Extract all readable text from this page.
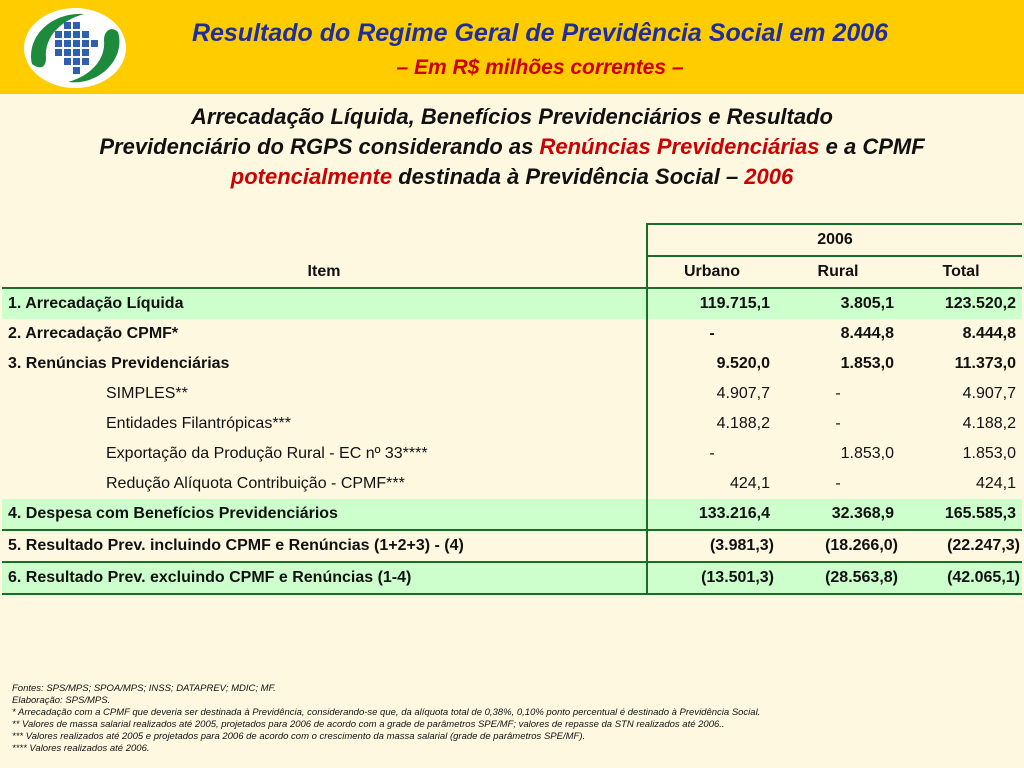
Resultado do Regime Geral de Previdência Social em 2006
– Em R$ milhões correntes –
Arrecadação Líquida, Benefícios Previdenciários e Resultado
Previdenciário do RGPS considerando as Renúncias Previdenciárias e a CPMF
potencialmente destinada à Previdência Social – 2006
	2006		
Item	Urbano	Rural	Total
1. Arrecadação Líquida	119.715,1	3.805,1	123.520,2
2. Arrecadação CPMF*	-	8.444,8	8.444,8
3. Renúncias Previdenciárias	9.520,0	1.853,0	11.373,0
SIMPLES**	4.907,7	-	4.907,7
Entidades Filantrópicas***	4.188,2	-	4.188,2
Exportação da Produção Rural - EC nº 33****	-	1.853,0	1.853,0
Redução Alíquota Contribuição - CPMF***	424,1	-	424,1
4. Despesa com Benefícios Previdenciários	133.216,4	32.368,9	165.585,3
5. Resultado Prev. incluindo CPMF e Renúncias (1+2+3) - (4)	(3.981,3)	(18.266,0)	(22.247,3)
6. Resultado Prev. excluindo CPMF e Renúncias (1-4)	(13.501,3)	(28.563,8)	(42.065,1)
Fontes: SPS/MPS; SPOA/MPS; INSS; DATAPREV; MDIC; MF.
Elaboração: SPS/MPS.
* Arrecadação com a CPMF que deveria ser destinada à Previdência, considerando-se que, da alíquota total de 0,38%, 0,10% ponto percentual é destinado à Previdência Social.
** Valores de massa salarial realizados até 2005, projetados para 2006 de acordo com a grade de parâmetros SPE/MF; valores de repasse da STN realizados até 2006..
*** Valores realizados até 2005 e projetados para 2006 de acordo com o crescimento da massa salarial (grade de parâmetros SPE/MF).
**** Valores realizados até 2006.
